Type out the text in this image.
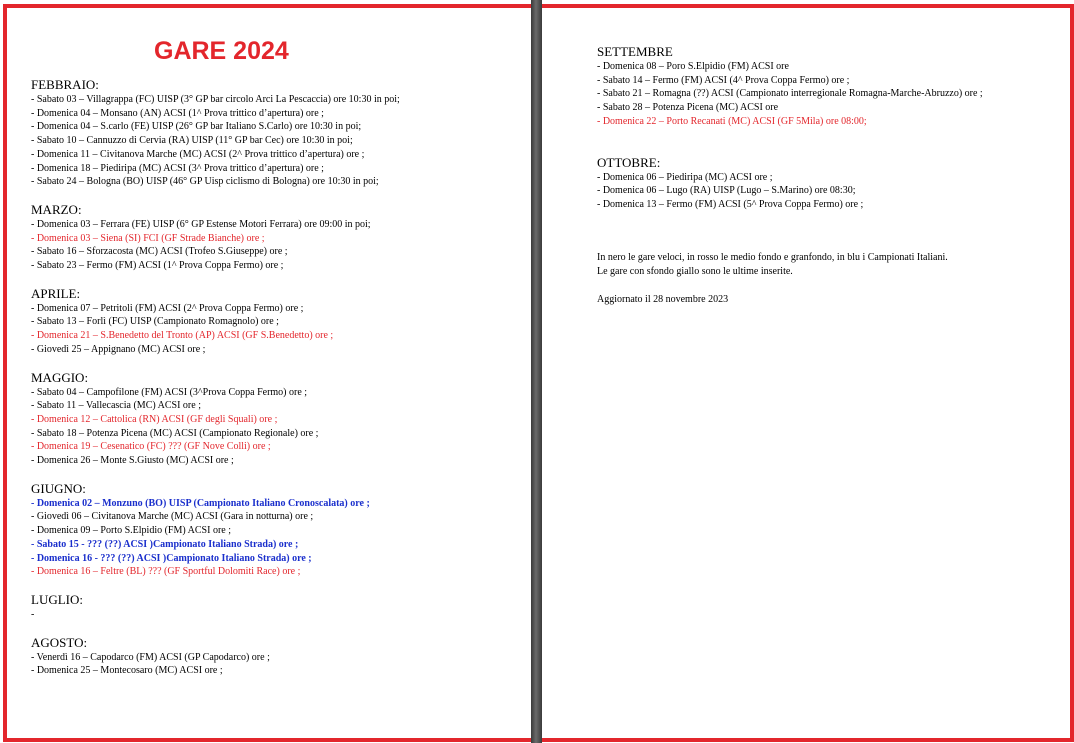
GARE 2024

FEBBRAIO:

- Sabato 03 – Villagrappa (FC) UISP (3° GP bar circolo Arci La Pescaccia) ore 10:30 in poi;

- Domenica 04 – Monsano (AN) ACSI (1^ Prova trittico d’apertura) ore ;

- Domenica 04 – S.carlo (FE) UISP (26° GP bar Italiano S.Carlo) ore 10:30 in poi;

- Sabato 10 – Cannuzzo di Cervia (RA) UISP (11° GP bar Cec) ore 10:30 in poi;

- Domenica 11 – Civitanova Marche (MC) ACSI (2^ Prova trittico d’apertura) ore ;

- Domenica 18 – Piediripa (MC) ACSI (3^ Prova trittico d’apertura) ore ;

- Sabato 24 – Bologna (BO) UISP (46° GP Uisp ciclismo di Bologna) ore 10:30 in poi;

MARZO:

- Domenica 03 – Ferrara (FE) UISP (6° GP Estense Motori Ferrara) ore 09:00 in poi;

- Domenica 03 – Siena (SI) FCI (GF Strade Bianche) ore ;

- Sabato 16 – Sforzacosta (MC) ACSI (Trofeo S.Giuseppe) ore ;

- Sabato 23 – Fermo (FM) ACSI (1^ Prova Coppa Fermo) ore ;

APRILE:

- Domenica 07 – Petritoli (FM) ACSI (2^ Prova Coppa Fermo) ore ;

- Sabato 13 – Forlì (FC) UISP (Campionato Romagnolo) ore ;

- Domenica 21 – S.Benedetto del Tronto (AP) ACSI (GF S.Benedetto) ore ;

- Giovedì 25 – Appignano (MC) ACSI ore ;

MAGGIO:

- Sabato 04 – Campofilone (FM) ACSI (3^Prova Coppa Fermo) ore ;

- Sabato 11 – Vallecascia (MC) ACSI ore ;

- Domenica 12 – Cattolica (RN) ACSI (GF degli Squali) ore ;

- Sabato 18 – Potenza Picena (MC) ACSI (Campionato Regionale) ore ;

- Domenica 19 – Cesenatico (FC) ??? (GF Nove Colli) ore ;

- Domenica 26 – Monte S.Giusto (MC) ACSI ore ;

GIUGNO:

- Domenica 02 – Monzuno (BO) UISP (Campionato Italiano Cronoscalata) ore ;

- Giovedì 06 – Civitanova Marche (MC) ACSI (Gara in notturna) ore ;

- Domenica 09 – Porto S.Elpidio (FM) ACSI ore ;

- Sabato 15 - ??? (??) ACSI )Campionato Italiano Strada) ore ;

- Domenica 16 - ??? (??) ACSI )Campionato Italiano Strada) ore ;

- Domenica 16 – Feltre (BL) ??? (GF Sportful Dolomiti Race) ore ;

LUGLIO:

-

AGOSTO:

- Venerdì 16 – Capodarco (FM) ACSI (GP Capodarco) ore ;

- Domenica 25 – Montecosaro (MC) ACSI ore ;

SETTEMBRE

- Domenica 08 – Poro S.Elpidio (FM) ACSI ore

- Sabato 14 – Fermo (FM) ACSI (4^ Prova Coppa Fermo) ore ;

- Sabato 21 – Romagna (??) ACSI (Campionato interregionale Romagna-Marche-Abruzzo) ore ;

- Sabato 28 – Potenza Picena (MC) ACSI ore

- Domenica 22 – Porto Recanati (MC) ACSI (GF 5Mila) ore 08:00;

OTTOBRE:

- Domenica 06 – Piediripa (MC) ACSI ore ;

- Domenica 06 – Lugo (RA) UISP (Lugo – S.Marino) ore 08:30;

- Domenica 13 – Fermo (FM) ACSI (5^ Prova Coppa Fermo) ore ;

In nero le gare veloci, in rosso le medio fondo e granfondo, in blu i Campionati Italiani.

Le gare con sfondo giallo sono le ultime inserite.

Aggiornato il 28 novembre 2023
